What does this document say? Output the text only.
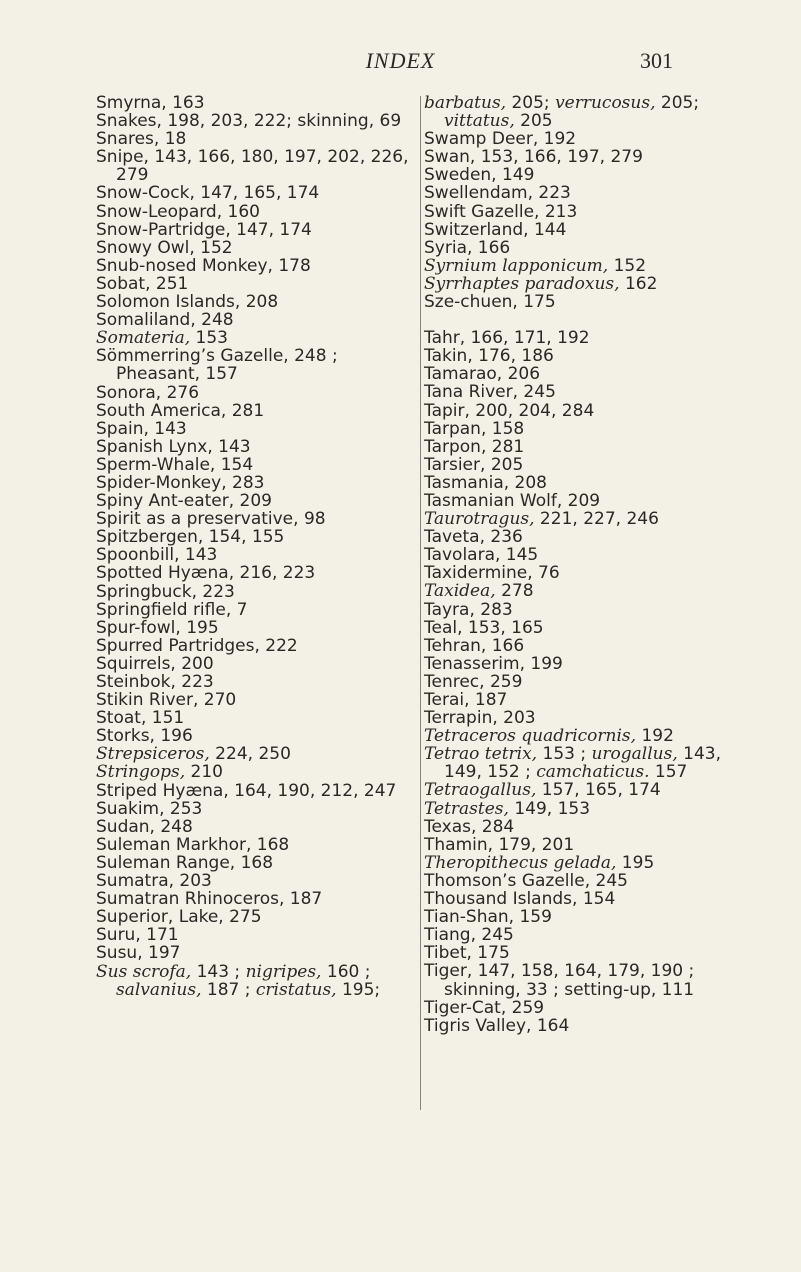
INDEX	301
Smyrna, 163
Snakes, 198, 203, 222; skinning, 69
Snares, 18
Snipe, 143, 166, 180, 197, 202, 226, 279
Snow-Cock, 147, 165, 174
Snow-Leopard, 160
Snow-Partridge, 147, 174
Snowy Owl, 152
Snub-nosed Monkey, 178
Sobat, 251
Solomon Islands, 208
Somaliland, 248
Somateria, 153
Sömmerring’s Gazelle, 248 ; Pheasant, 157
Sonora, 276
South America, 281
Spain, 143
Spanish Lynx, 143
Sperm-Whale, 154
Spider-Monkey, 283
Spiny Ant-eater, 209
Spirit as a preservative, 98
Spitzbergen, 154, 155
Spoonbill, 143
Spotted Hyæna, 216, 223
Springbuck, 223
Springfield rifle, 7
Spur-fowl, 195
Spurred Partridges, 222
Squirrels, 200
Steinbok, 223
Stikin River, 270
Stoat, 151
Storks, 196
Strepsiceros, 224, 250
Stringops, 210
Striped Hyæna, 164, 190, 212, 247
Suakim, 253
Sudan, 248
Suleman Markhor, 168
Suleman Range, 168
Sumatra, 203
Sumatran Rhinoceros, 187
Superior, Lake, 275
Suru, 171
Susu, 197
Sus scrofa, 143 ; nigripes, 160 ; salvanius, 187 ; cristatus, 195;
barbatus, 205; verrucosus, 205; vittatus, 205
Swamp Deer, 192
Swan, 153, 166, 197, 279
Sweden, 149
Swellendam, 223
Swift Gazelle, 213
Switzerland, 144
Syria, 166
Syrnium lapponicum, 152
Syrrhaptes paradoxus, 162
Sze-chuen, 175
Tahr, 166, 171, 192
Takin, 176, 186
Tamarao, 206
Tana River, 245
Tapir, 200, 204, 284
Tarpan, 158
Tarpon, 281
Tarsier, 205
Tasmania, 208
Tasmanian Wolf, 209
Taurotragus, 221, 227, 246
Taveta, 236
Tavolara, 145
Taxidermine, 76
Taxidea, 278
Tayra, 283
Teal, 153, 165
Tehran, 166
Tenasserim, 199
Tenrec, 259
Terai, 187
Terrapin, 203
Tetraceros quadricornis, 192
Tetrao tetrix, 153 ; urogallus, 143, 149, 152 ; camchaticus. 157
Tetraogallus, 157, 165, 174
Tetrastes, 149, 153
Texas, 284
Thamin, 179, 201
Theropithecus gelada, 195
Thomson’s Gazelle, 245
Thousand Islands, 154
Tian-Shan, 159
Tiang, 245
Tibet, 175
Tiger, 147, 158, 164, 179, 190 ; skinning, 33 ; setting-up, 111
Tiger-Cat, 259
Tigris Valley, 164
